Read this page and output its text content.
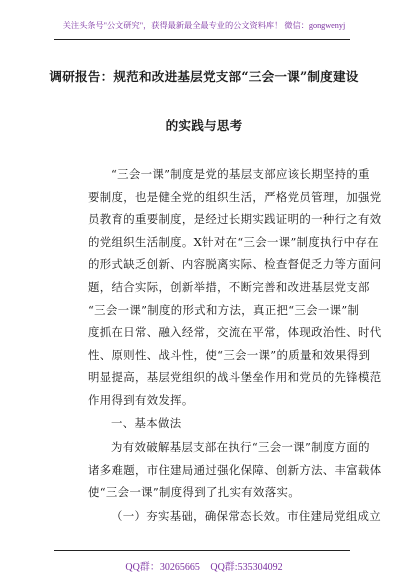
关注头条号"公文研究"，获得最新最全最专业的公文资料库！ 微信：gongwenyj
调研报告：规范和改进基层党支部“三会一课”制度建设
的实践与思考
“三会一课”制度是党的基层支部应该长期坚持的重
要制度，也是健全党的组织生活，严格党员管理，加强党
员教育的重要制度，是经过长期实践证明的一种行之有效
的党组织生活制度。X针对在“三会一课”制度执行中存在
的形式缺乏创新、内容脱离实际、检查督促乏力等方面问
题，结合实际，创新举措，不断完善和改进基层党支部
“三会一课”制度的形式和方法，真正把“三会一课”制
度抓在日常、融入经常，交流在平常，体现政治性、时代
性、原则性、战斗性，使“三会一课”的质量和效果得到
明显提高，基层党组织的战斗堡垒作用和党员的先锋模范
作用得到有效发挥。
一、基本做法
为有效破解基层支部在执行“三会一课”制度方面的
诸多难题，市住建局通过强化保障、创新方法、丰富载体
使“三会一课”制度得到了扎实有效落实。
（一）夯实基础，确保常态长效。市住建局党组成立
QQ群：30265665 QQ群:535304092
